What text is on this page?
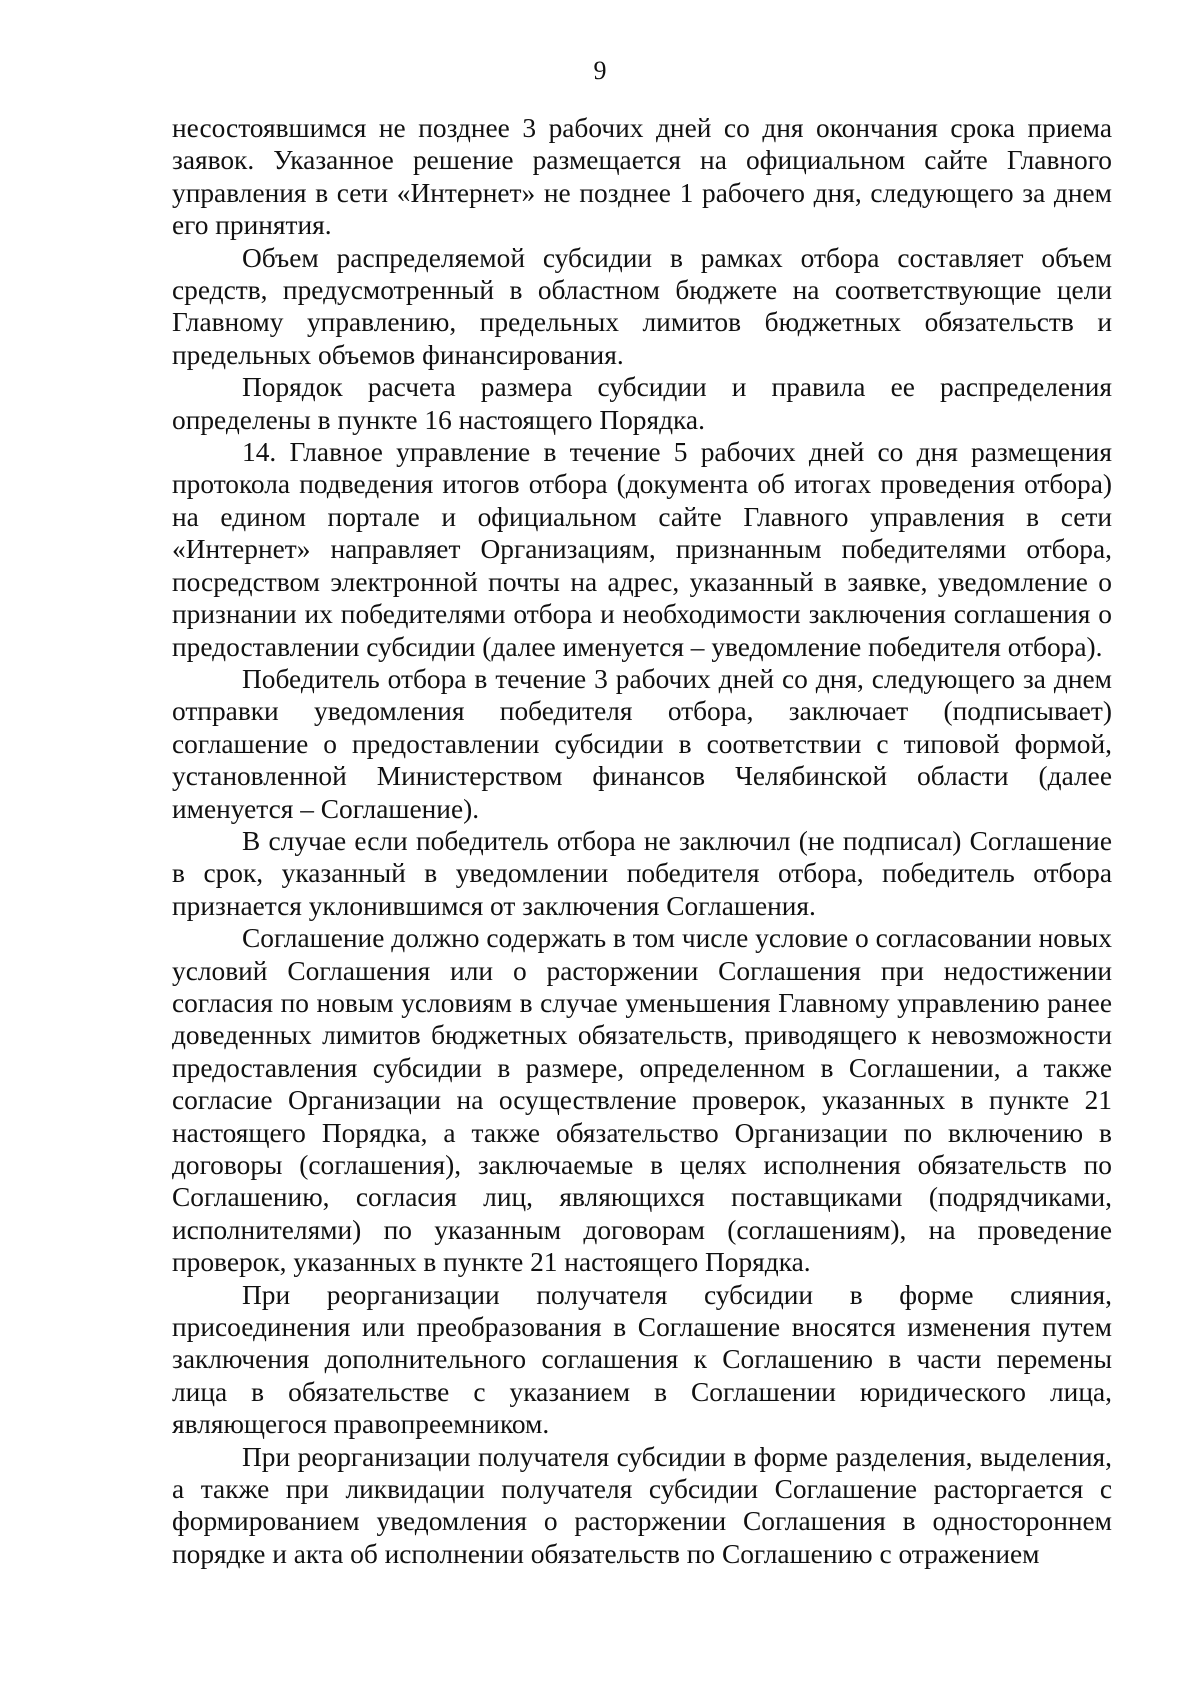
9

несостоявшимся не позднее 3 рабочих дней со дня окончания срока приема заявок. Указанное решение размещается на официальном сайте Главного управления в сети «Интернет» не позднее 1 рабочего дня, следующего за днем его принятия.

Объем распределяемой субсидии в рамках отбора составляет объем средств, предусмотренный в областном бюджете на соответствующие цели Главному управлению, предельных лимитов бюджетных обязательств и предельных объемов финансирования.

Порядок расчета размера субсидии и правила ее распределения определены в пункте 16 настоящего Порядка.

14. Главное управление в течение 5 рабочих дней со дня размещения протокола подведения итогов отбора (документа об итогах проведения отбора) на едином портале и официальном сайте Главного управления в сети «Интернет» направляет Организациям, признанным победителями отбора, посредством электронной почты на адрес, указанный в заявке, уведомление о признании их победителями отбора и необходимости заключения соглашения о предоставлении субсидии (далее именуется – уведомление победителя отбора).

Победитель отбора в течение 3 рабочих дней со дня, следующего за днем отправки уведомления победителя отбора, заключает (подписывает) соглашение о предоставлении субсидии в соответствии с типовой формой, установленной Министерством финансов Челябинской области (далее именуется – Соглашение).

В случае если победитель отбора не заключил (не подписал) Соглашение в срок, указанный в уведомлении победителя отбора, победитель отбора признается уклонившимся от заключения Соглашения.

Соглашение должно содержать в том числе условие о согласовании новых условий Соглашения или о расторжении Соглашения при недостижении согласия по новым условиям в случае уменьшения Главному управлению ранее доведенных лимитов бюджетных обязательств, приводящего к невозможности предоставления субсидии в размере, определенном в Соглашении, а также согласие Организации на осуществление проверок, указанных в пункте 21 настоящего Порядка, а также обязательство Организации по включению в договоры (соглашения), заключаемые в целях исполнения обязательств по Соглашению, согласия лиц, являющихся поставщиками (подрядчиками, исполнителями) по указанным договорам (соглашениям), на проведение проверок, указанных в пункте 21 настоящего Порядка.

При реорганизации получателя субсидии в форме слияния, присоединения или преобразования в Соглашение вносятся изменения путем заключения дополнительного соглашения к Соглашению в части перемены лица в обязательстве с указанием в Соглашении юридического лица, являющегося правопреемником.

При реорганизации получателя субсидии в форме разделения, выделения, а также при ликвидации получателя субсидии Соглашение расторгается с формированием уведомления о расторжении Соглашения в одностороннем порядке и акта об исполнении обязательств по Соглашению с отражением
